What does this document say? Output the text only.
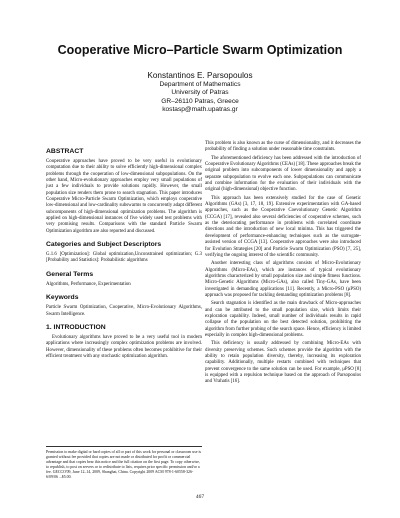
Cooperative Micro–Particle Swarm Optimization
Konstantinos E. Parsopoulos
Department of Mathematics
University of Patras
GR–26110 Patras, Greece
kostasp@math.upatras.gr
ABSTRACT

Cooperative approaches have proved to be very useful in evolutionary computation due to their ability to solve efficiently high-dimensional complex problems through the cooperation of low-dimensional subpopulations. On the other hand, Micro-evolutionary approaches employ very small populations of just a few individuals to provide solutions rapidly. However, the small population size renders them prone to search stagnation. This paper introduces Cooperative Micro-Particle Swarm Optimization, which employs cooperative low-dimensional and low-cardinality subswarms to concurrently adapt different subcomponents of high-dimensional optimization problems. The algorithm is applied on high-dimensional instances of five widely used test problems with very promising results. Comparisons with the standard Particle Swarm Optimization algorithm are also reported and discussed.

Categories and Subject Descriptors

G.1.6 [Optimization]: Global optimization,Unconstrained optimization; G.3 [Probability and Statistics]: Probabilistic algorithms

General Terms

Algorithms, Performance, Experimentation

Keywords

Particle Swarm Optimization, Cooperative, Micro-Evolutionary Algorithms, Swarm Intelligence.

1. INTRODUCTION

Evolutionary algorithms have proved to be a very useful tool in modern applications where increasingly complex optimization problems are involved. However, dimensionality of these problems often becomes prohibitive for their efficient treatment with any stochastic optimization algorithm.

Permission to make digital or hard copies of all or part of this work for personal or classroom use is granted without fee provided that copies are not made or distributed for profit or commercial advantage and that copies bear this notice and the full citation on the first page. To copy otherwise, to republish, to post on servers or to redistribute to lists, requires prior specific permission and/or a fee. GECCO'09, June 12–14, 2009, Shanghai, China. Copyright 2009 ACM 978-1-60558-326-6/09/06 ...$5.00.

This problem is also known as the curse of dimensionality, and it decreases the probability of finding a solution under reasonable time constraints.

The aforementioned deficiency has been addressed with the introduction of Cooperative Evolutionary Algorithms (CEAs) [18]. These approaches break the original problem into subcomponents of lower dimensionality and apply a separate subpopulation to evolve each one. Subpopulations can communicate and combine information for the evaluation of their individuals with the original (high-dimensional) objective function.

This approach has been extensively studied for the case of Genetic Algorithms (GAs) [3, 17, 18, 19]. Extensive experimentation with GA-based approaches, such as the Cooperative Coevolutionary Genetic Algorithm (CCGA) [17], revealed also several deficiencies of cooperative schemes, such as the deteriorating performance in problems with correlated coordinate directions and the introduction of new local minima. This has triggered the development of performance-enhancing techniques such as the surrogate-assisted version of CCGA [13]. Cooperative approaches were also introduced for Evolution Strategies [20] and Particle Swarm Optimization (PSO) [7, 25], verifying the ongoing interest of the scientific community.

Another interesting class of algorithms consists of Micro-Evolutionary Algorithms (Micro-EAs), which are instances of typical evolutionary algorithms characterized by small population size and simple fitness functions. Micro-Genetic Algorithms (Micro-GAs), also called Tiny-GAs, have been investigated in demanding applications [11]. Recently, a Micro-PSO (μPSO) approach was proposed for tackling demanding optimization problems [8].

Search stagnation is identified as the main drawback of Micro-approaches and can be attributed to the small population size, which limits their exploration capability. Indeed, small number of individuals results in rapid collapse of the population on the best detected solution, prohibiting the algorithm from further probing of the search space. Hence, efficiency is limited especially in complex high-dimensional problems.

This deficiency is usually addressed by combining Micro-EAs with diversity preserving schemes. Such schemes provide the algorithm with the ability to retain population diversity, thereby, increasing its exploration capability. Additionally, multiple restarts combined with techniques that prevent convergence to the same solution can be used. For example, μPSO [8] is equipped with a repulsion technique based on the approach of Parsopoulos and Vrahatis [16].

467
